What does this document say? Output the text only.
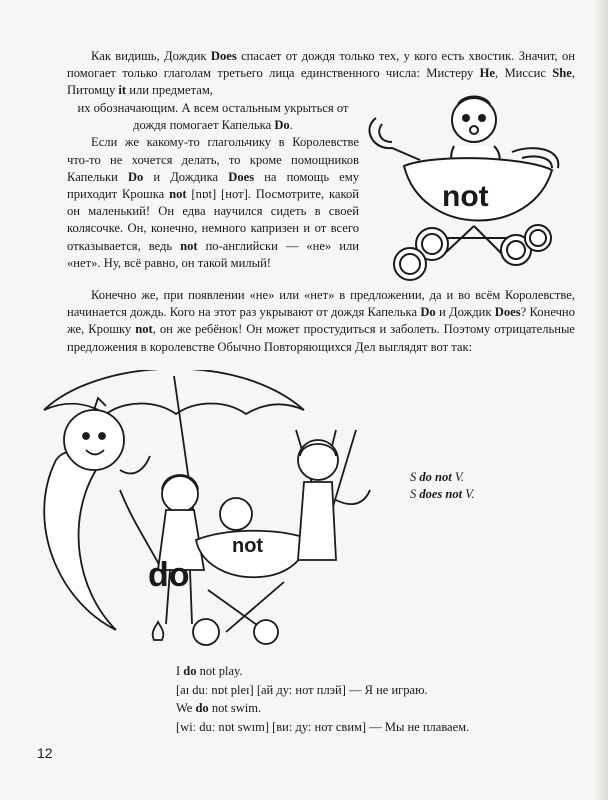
Как видишь, Дождик Does спасает от дождя только тех, у кого есть хвостик. Значит, он помогает только глаголам третьего лица единственного числа: Мистеру He, Миссис She, Питомцу it или предметам,

их обозначающим. А всем остальным укрыться от дождя помогает Капелька Do.

Если же какому-то глагольчику в Королевстве что-то не хочется делать, то кроме помощников Капельки Do и Дождика Does на помощь ему приходит Крошка not [nɒt] [нот]. Посмотрите, какой он маленький! Он едва научился сидеть в своей колясочке. Он, конечно, немного капризен и от всего отказывается, ведь not по-английски — «не» или «нет». Ну, всё равно, он такой милый!

Конечно же, при появлении «не» или «нет» в предложении, да и во всём Королевстве, начинается дождь. Кого на этот раз укрывают от дождя Капелька Do и Дождик Does? Конечно же, Крошку not, он же ребёнок! Он может простудиться и заболеть. Поэтому отрицательные предложения в королевстве Обычно Повторяющихся Дел выглядят вот так:

not
do
not
S do not V.
S does not V.
I do not play.
[aɪ duː nɒt pleɪ] [ай ду: нот плэй] — Я не играю.
We do not swim.
[wiː duː nɒt swɪm] [ви: ду: нот свим] — Мы не плаваем.
12
